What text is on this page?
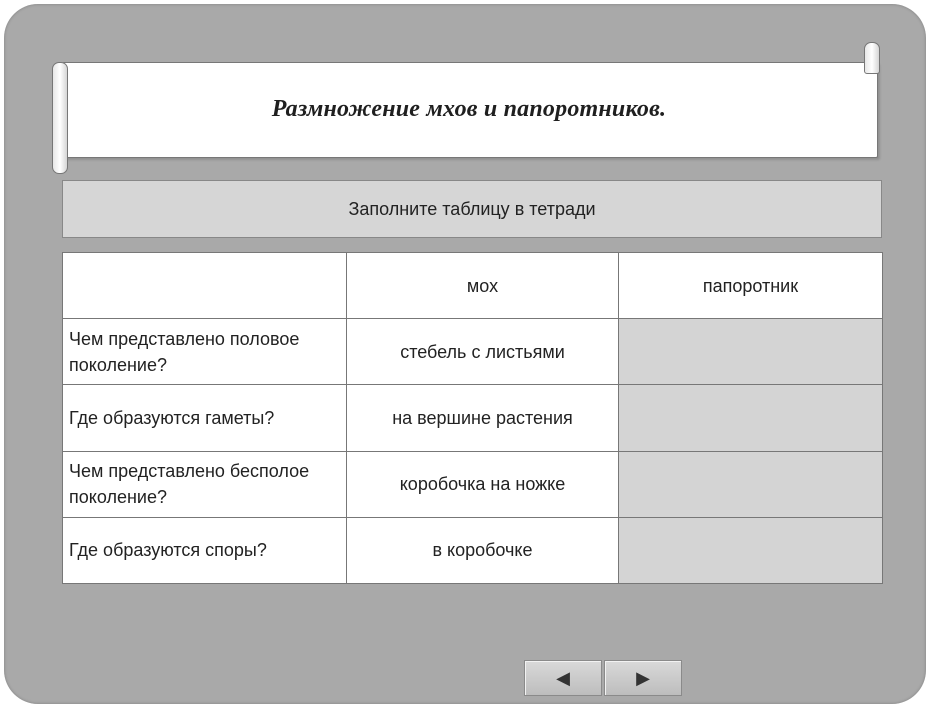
Размножение мхов и папоротников.
Заполните таблицу в тетради
	мох	папоротник
Чем представлено половое поколение?	стебель с листьями	
Где образуются гаметы?	на вершине растения	
Чем представлено бесполое поколение?	коробочка на ножке	
Где образуются споры?	в коробочке	
◀	▶
